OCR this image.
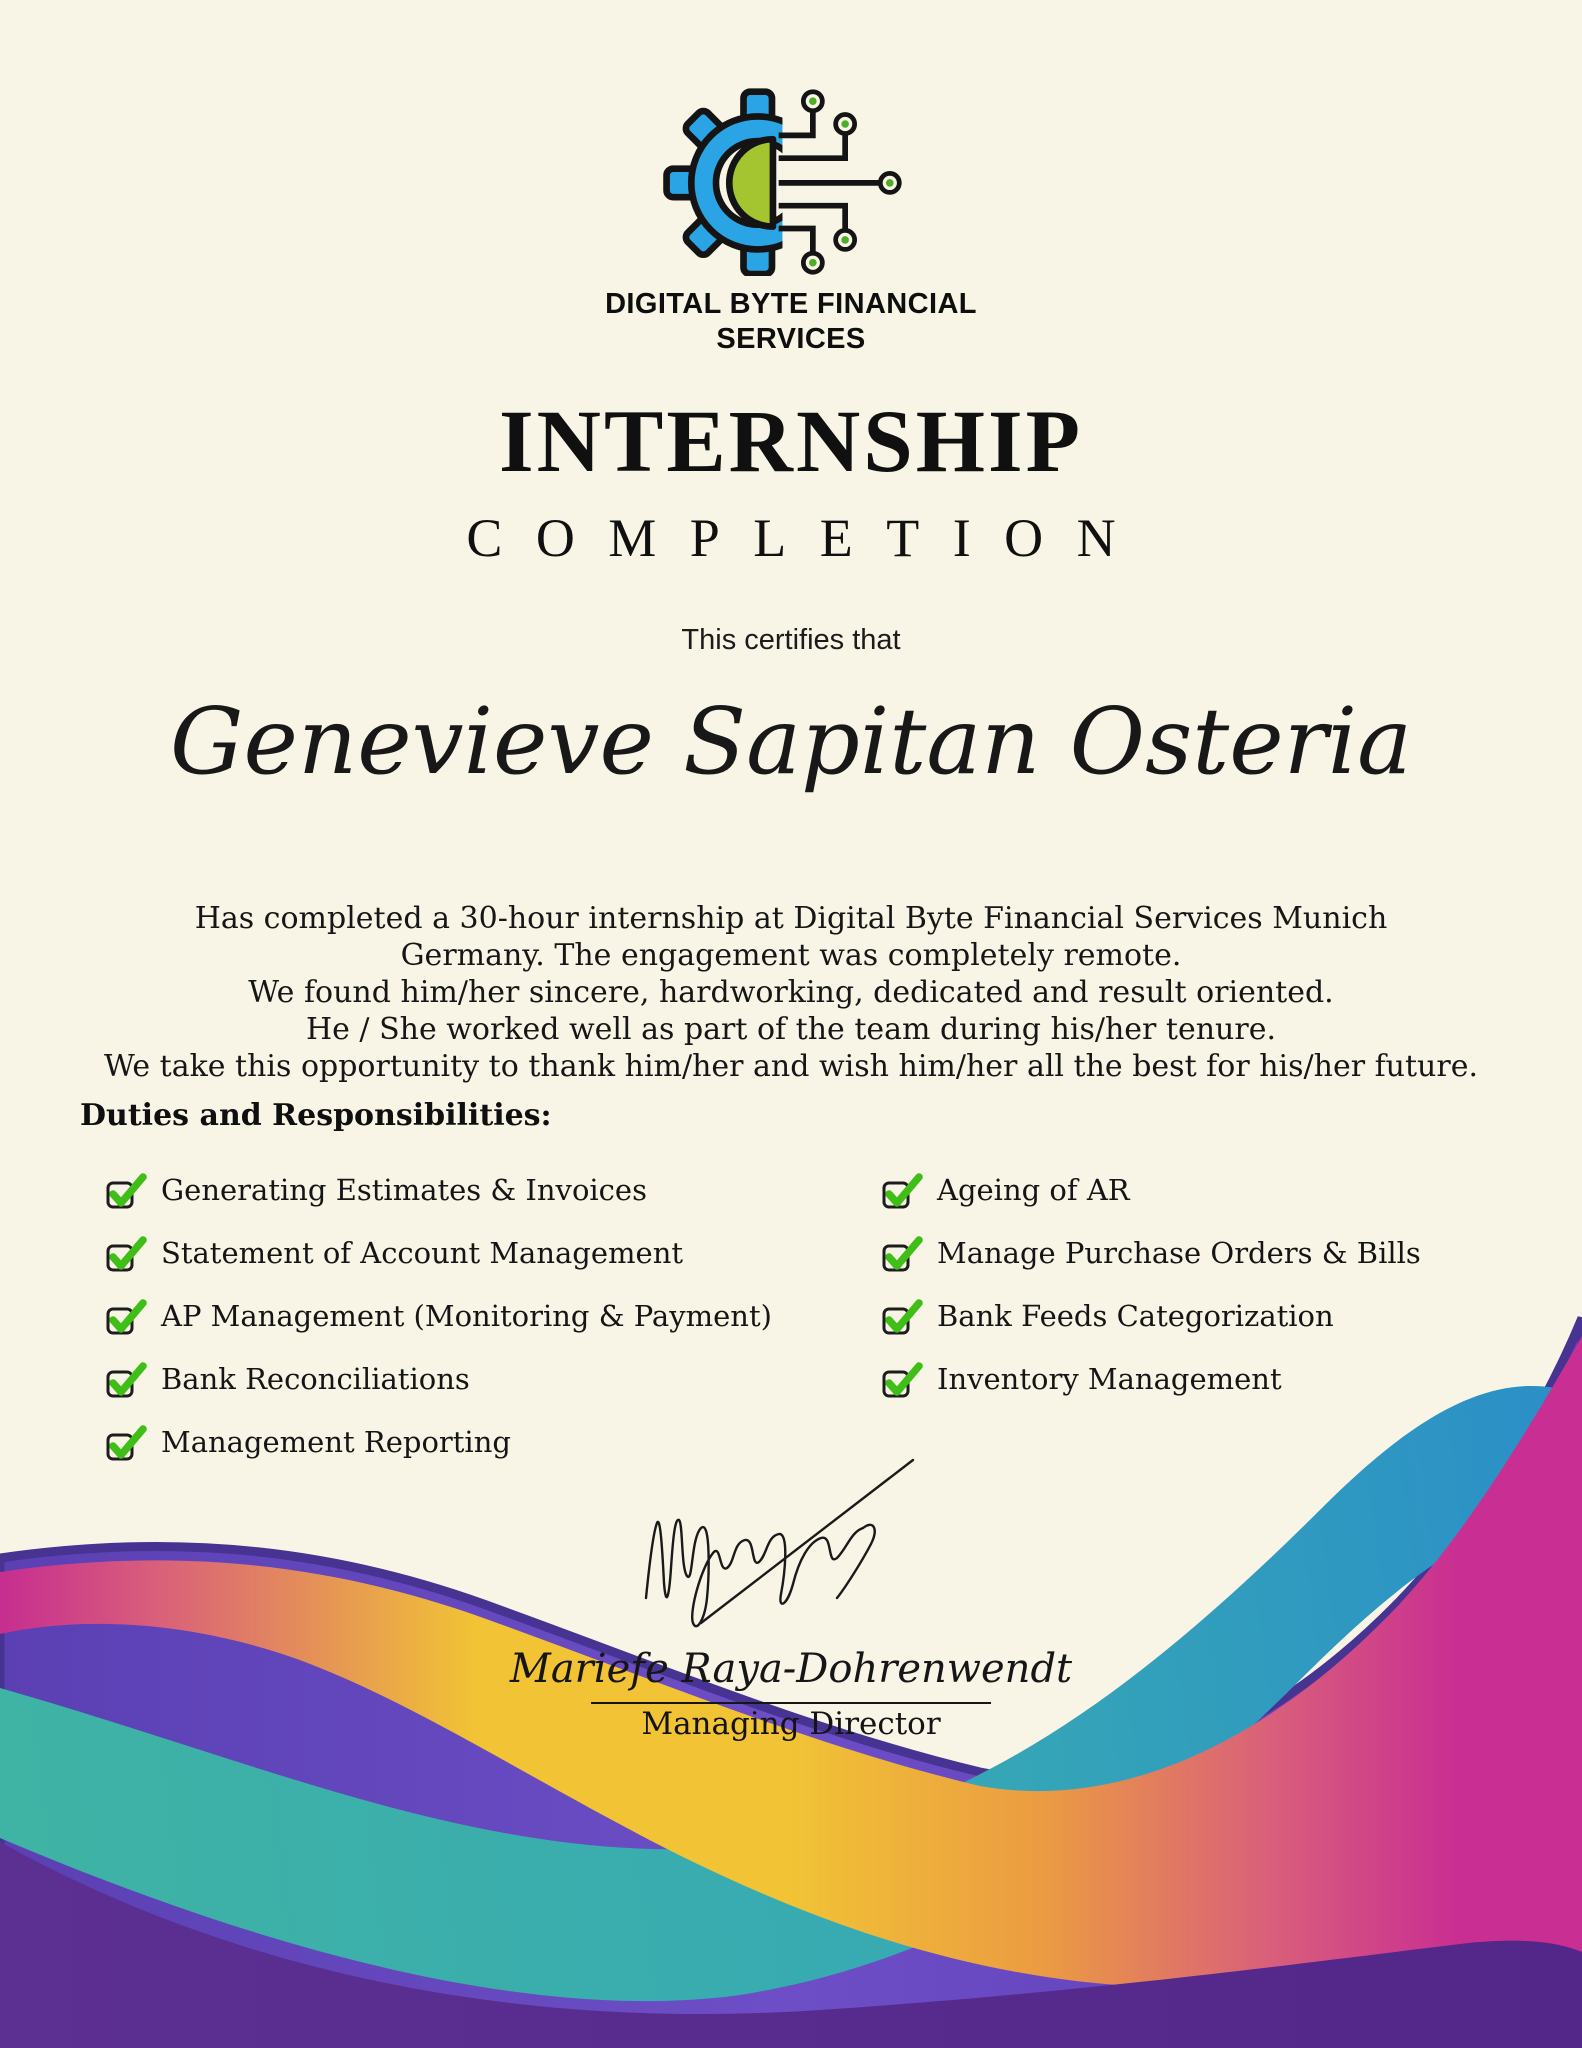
DIGITAL BYTE FINANCIAL
SERVICES
INTERNSHIP
COMPLETION

This certifies that

Genevieve Sapitan Osteria
Has completed a 30-hour internship at Digital Byte Financial Services Munich
Germany. The engagement was completely remote.
We found him/her sincere, hardworking, dedicated and result oriented.
He / She worked well as part of the team during his/her tenure.
We take this opportunity to thank him/her and wish him/her all the best for his/her future.
Duties and Responsibilities:
Generating Estimates & Invoices
Statement of Account Management
AP Management (Monitoring & Payment)
Bank Reconciliations
Management Reporting
Ageing of AR
Manage Purchase Orders & Bills
Bank Feeds Categorization
Inventory Management
Mariefe Raya-Dohrenwendt
Managing Director
